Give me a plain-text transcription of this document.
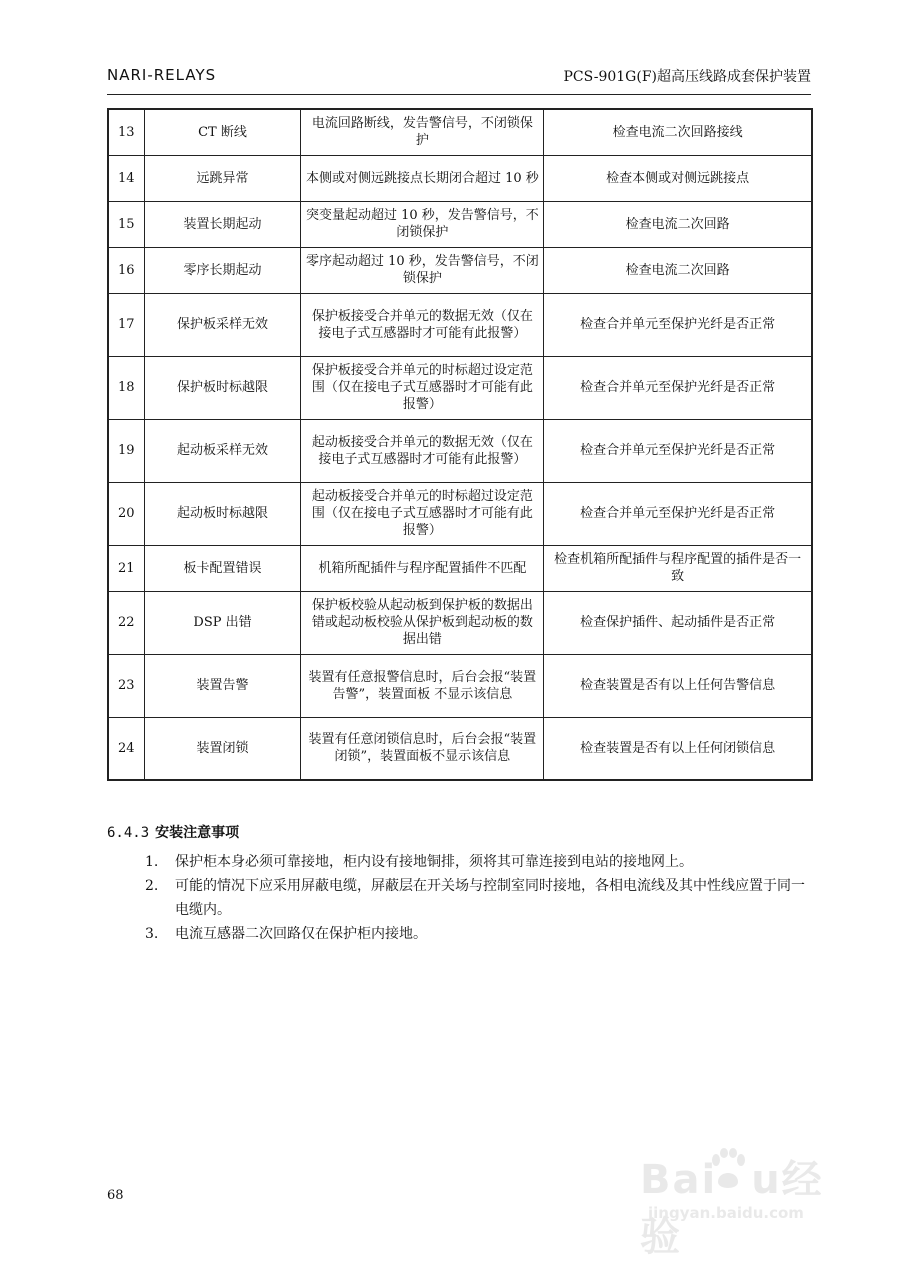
NARI-RELAYS	PCS-901G(F)超高压线路成套保护装置
13	CT 断线	电流回路断线，发告警信号，不闭锁保护	检查电流二次回路接线
14	远跳异常	本侧或对侧远跳接点长期闭合超过 10 秒	检查本侧或对侧远跳接点
15	装置长期起动	突变量起动超过 10 秒，发告警信号，不闭锁保护	检查电流二次回路
16	零序长期起动	零序起动超过 10 秒，发告警信号，不闭锁保护	检查电流二次回路
17	保护板采样无效	保护板接受合并单元的数据无效（仅在接电子式互感器时才可能有此报警）	检查合并单元至保护光纤是否正常
18	保护板时标越限	保护板接受合并单元的时标超过设定范围（仅在接电子式互感器时才可能有此报警）	检查合并单元至保护光纤是否正常
19	起动板采样无效	起动板接受合并单元的数据无效（仅在接电子式互感器时才可能有此报警）	检查合并单元至保护光纤是否正常
20	起动板时标越限	起动板接受合并单元的时标超过设定范围（仅在接电子式互感器时才可能有此报警）	检查合并单元至保护光纤是否正常
21	板卡配置错误	机箱所配插件与程序配置插件不匹配	检查机箱所配插件与程序配置的插件是否一致
22	DSP 出错	保护板校验从起动板到保护板的数据出错或起动板校验从保护板到起动板的数据出错	检查保护插件、起动插件是否正常
23	装置告警	装置有任意报警信息时，后台会报“装置告警”，装置面板 不显示该信息	检查装置是否有以上任何告警信息
24	装置闭锁	装置有任意闭锁信息时，后台会报“装置闭锁”，装置面板不显示该信息	检查装置是否有以上任何闭锁信息
6.4.3 安装注意事项
1. 保护柜本身必须可靠接地，柜内设有接地铜排，须将其可靠连接到电站的接地网上。
2. 可能的情况下应采用屏蔽电缆，屏蔽层在开关场与控制室同时接地，各相电流线及其中性线应置于同一电缆内。
3. 电流互感器二次回路仅在保护柜内接地。
68	Bai u经验
jingyan.baidu.com
